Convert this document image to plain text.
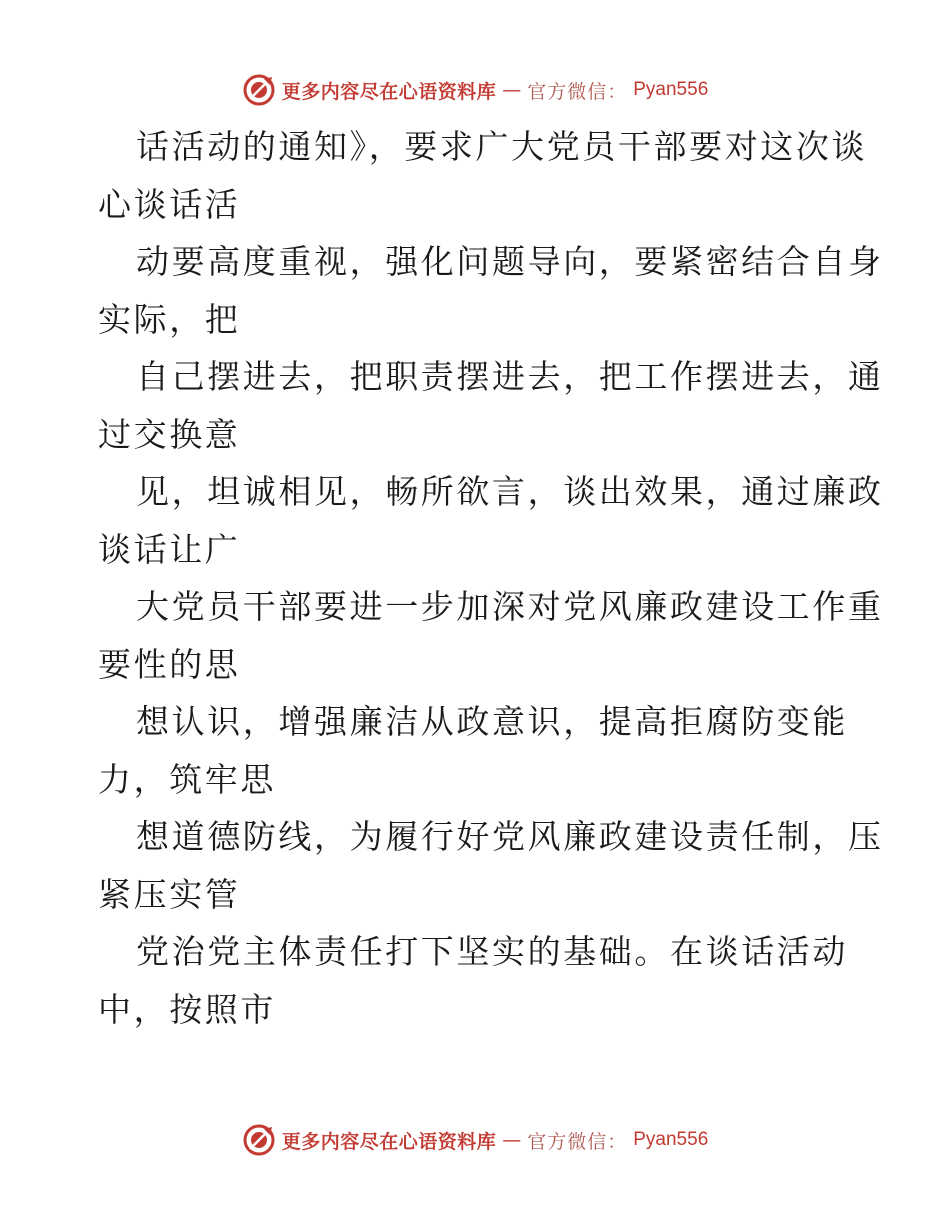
更多内容尽在心语资料库 — 官方微信： Pyan556
话活动的通知》，要求广大党员干部要对这次谈
心谈话活
动要高度重视，强化问题导向，要紧密结合自身
实际，把
自己摆进去，把职责摆进去，把工作摆进去，通
过交换意
见，坦诚相见，畅所欲言，谈出效果，通过廉政
谈话让广
大党员干部要进一步加深对党风廉政建设工作重
要性的思
想认识，增强廉洁从政意识，提高拒腐防变能
力，筑牢思
想道德防线，为履行好党风廉政建设责任制，压
紧压实管
党治党主体责任打下坚实的基础。在谈话活动
中，按照市
更多内容尽在心语资料库 — 官方微信： Pyan556
